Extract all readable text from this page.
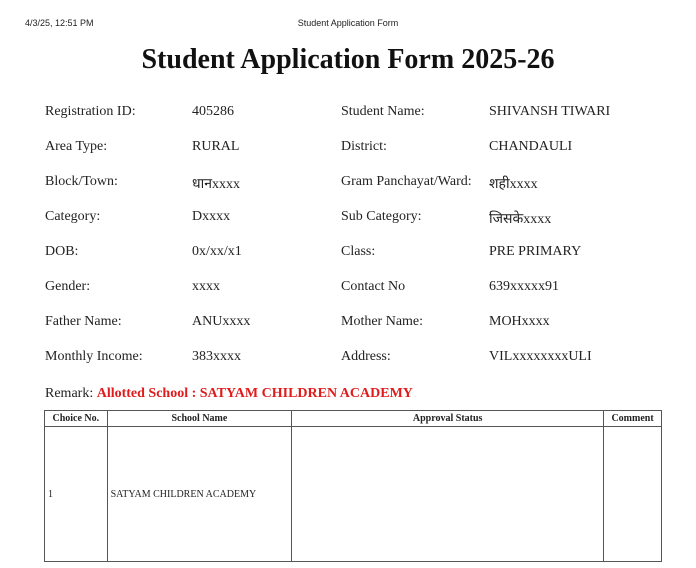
4/3/25, 12:51 PM	Student Application Form
Student Application Form 2025-26
Registration ID:	405286	Student Name:	SHIVANSH TIWARI
Area Type:	RURAL	District:	CHANDAULI
Block/Town:	धानxxxx	Gram Panchayat/Ward: शहीxxxx
Category:	Dxxxx	Sub Category:	जिसकेxxxx
DOB:	0x/xx/x1	Class:	PRE PRIMARY
Gender:	xxxx	Contact No	639xxxxx91
Father Name:	ANUxxxx	Mother Name:	MOHxxxx
Monthly Income:	383xxxx	Address:	VILxxxxxxxxULI
Remark: Allotted School : SATYAM CHILDREN ACADEMY
Choice No.	School Name	Approval Status	Comment
1	SATYAM CHILDREN ACADEMY		
